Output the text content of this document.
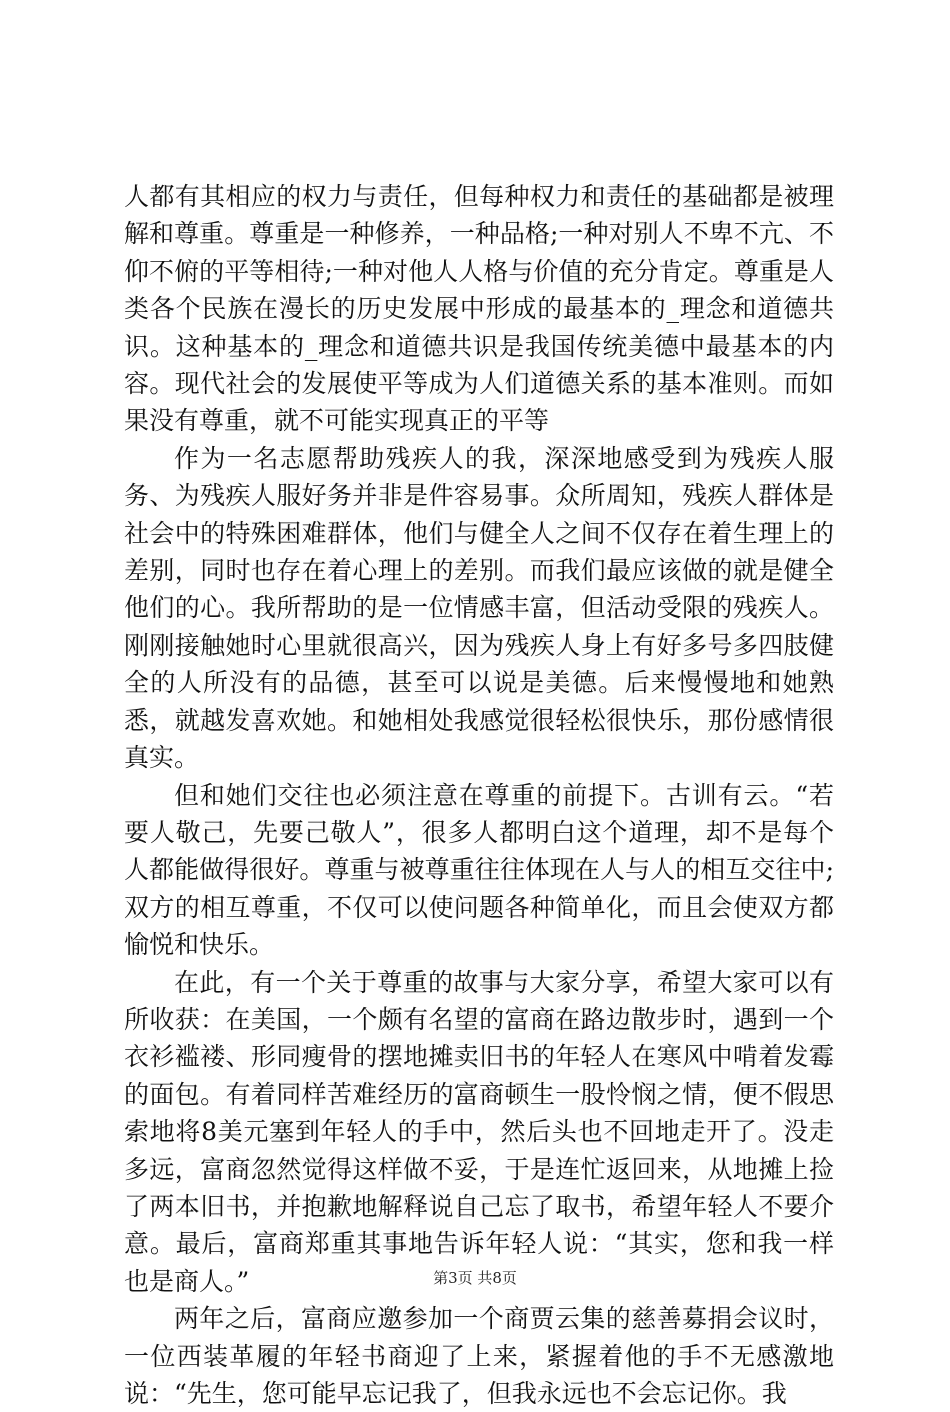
人都有其相应的权力与责任，但每种权力和责任的基础都是被理解和尊重。尊重是一种修养，一种品格;一种对别人不卑不亢、不仰不俯的平等相待;一种对他人人格与价值的充分肯定。尊重是人类各个民族在漫长的历史发展中形成的最基本的_理念和道德共识。这种基本的_理念和道德共识是我国传统美德中最基本的内容。现代社会的发展使平等成为人们道德关系的基本准则。而如果没有尊重，就不可能实现真正的平等

作为一名志愿帮助残疾人的我，深深地感受到为残疾人服务、为残疾人服好务并非是件容易事。众所周知，残疾人群体是社会中的特殊困难群体，他们与健全人之间不仅存在着生理上的差别，同时也存在着心理上的差别。而我们最应该做的就是健全他们的心。我所帮助的是一位情感丰富，但活动受限的残疾人。刚刚接触她时心里就很高兴，因为残疾人身上有好多号多四肢健全的人所没有的品德，甚至可以说是美德。后来慢慢地和她熟悉，就越发喜欢她。和她相处我感觉很轻松很快乐，那份感情很真实。

但和她们交往也必须注意在尊重的前提下。古训有云。“若要人敬己，先要己敬人”，很多人都明白这个道理，却不是每个人都能做得很好。尊重与被尊重往往体现在人与人的相互交往中;双方的相互尊重，不仅可以使问题各种简单化，而且会使双方都愉悦和快乐。

在此，有一个关于尊重的故事与大家分享，希望大家可以有所收获：在美国，一个颇有名望的富商在路边散步时，遇到一个衣衫褴褛、形同瘦骨的摆地摊卖旧书的年轻人在寒风中啃着发霉的面包。有着同样苦难经历的富商顿生一股怜悯之情，便不假思索地将8美元塞到年轻人的手中，然后头也不回地走开了。没走多远，富商忽然觉得这样做不妥，于是连忙返回来，从地摊上捡了两本旧书，并抱歉地解释说自己忘了取书，希望年轻人不要介意。最后，富商郑重其事地告诉年轻人说：“其实，您和我一样也是商人。”

两年之后，富商应邀参加一个商贾云集的慈善募捐会议时，一位西装革履的年轻书商迎了上来，紧握着他的手不无感激地说：“先生，您可能早忘记我了，但我永远也不会忘记你。我

第3页 共8页
